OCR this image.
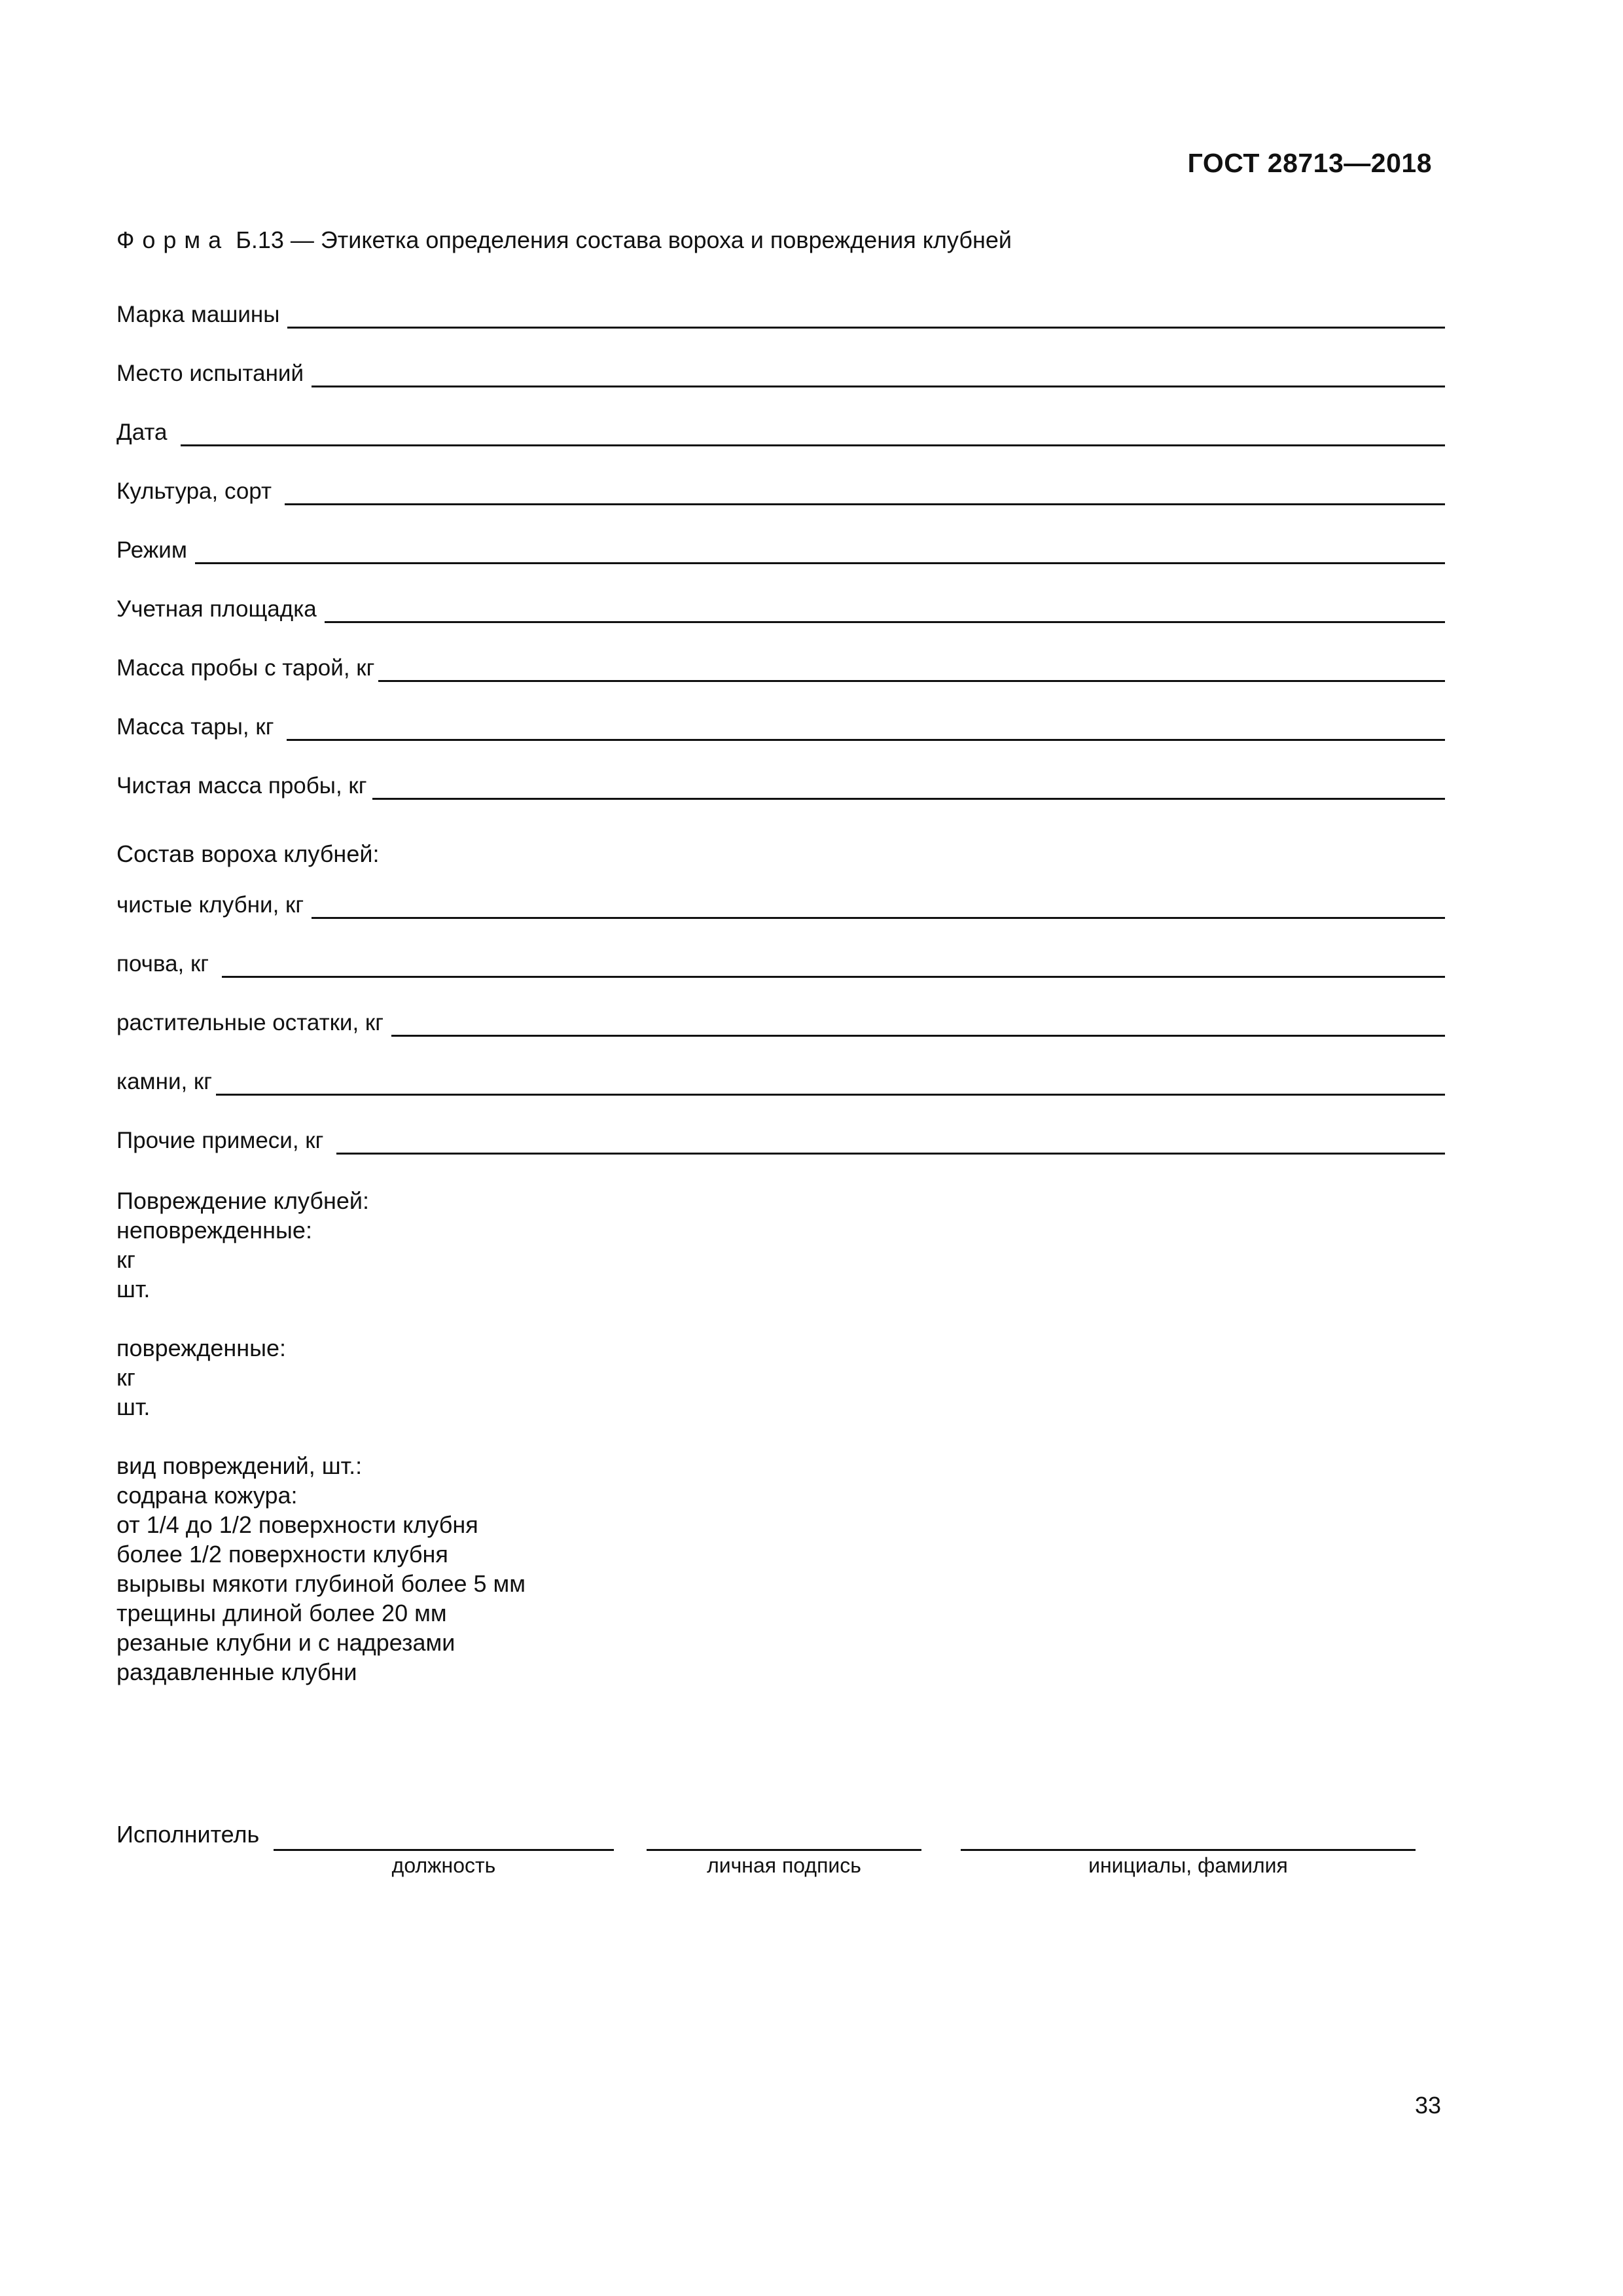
ГОСТ 28713—2018
Форма Б.13 — Этикетка определения состава вороха и повреждения клубней
Марка машины
Место испытаний
Дата
Культура, сорт
Режим
Учетная площадка
Масса пробы с тарой, кг
Масса тары, кг
Чистая масса пробы, кг
Состав вороха клубней:
чистые клубни, кг
почва, кг
растительные остатки, кг
камни, кг
Прочие примеси, кг
Повреждение клубней:
неповрежденные:
кг
шт.
поврежденные:
кг
шт.
вид повреждений, шт.:
содрана кожура:
от 1/4 до 1/2 поверхности клубня
более 1/2 поверхности клубня
вырывы мякоти глубиной более 5 мм
трещины длиной более 20 мм
резаные клубни и с надрезами
раздавленные клубни
Исполнитель
должность	личная подпись	инициалы, фамилия
33
